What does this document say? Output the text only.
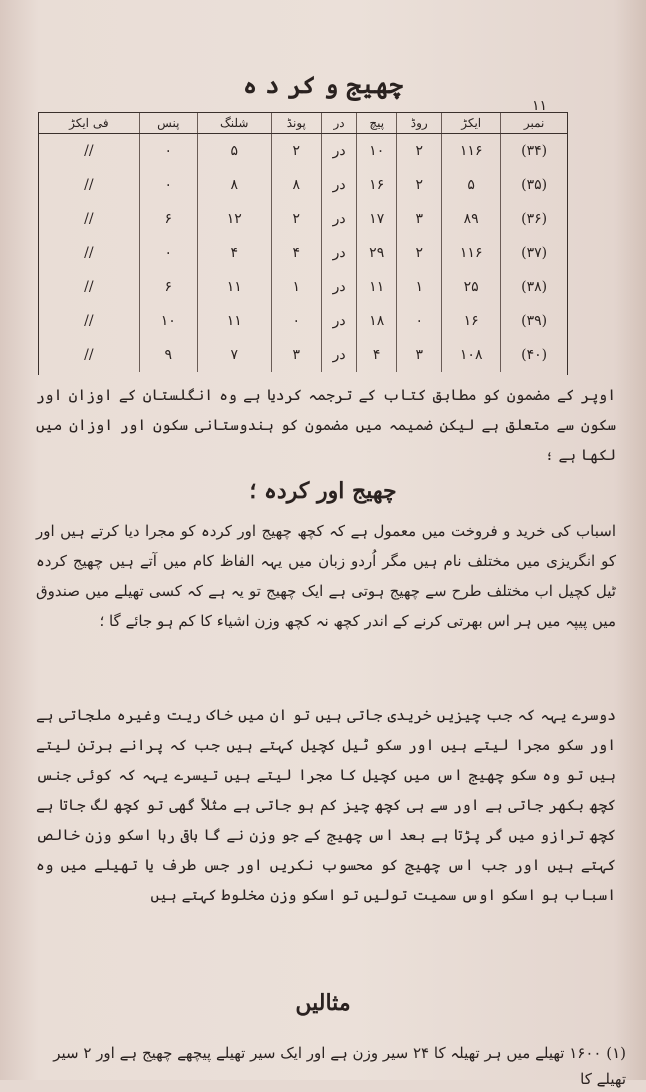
۱۱
چھیج و کر د ہ
نمبر	ایکڑ	روڈ	پیچ	در	پونڈ	شلنگ	پنس	فی ایکڑ
(۳۴)	۱۱۶	۲	۱۰	در	۲	۵	۰	//
(۳۵)	۵	۲	۱۶	در	۸	۸	۰	//
(۳۶)	۸۹	۳	۱۷	در	۲	۱۲	۶	//
(۳۷)	۱۱۶	۲	۲۹	در	۴	۴	۰	//
(۳۸)	۲۵	۱	۱۱	در	۱	۱۱	۶	//
(۳۹)	۱۶	۰	۱۸	در	۰	۱۱	۱۰	//
(۴۰)	۱۰۸	۳	۴	در	۳	۷	۹	//

اوپر کے مضمون کو مطابق کتاب کے ترجمہ کردیا ہے وہ انگلستان کے اوزان اور سکون سے متعلق ہے لیکن ضمیمہ میں مضمون کو ہندوستانی سکون اور اوزان میں لکھا ہے ؛

چھیج اور کردہ ؛

اسباب کی خرید و فروخت میں معمول ہے کہ کچھ چھیج اور کردہ کو مجرا دیا کرتے ہیں اور کو انگریزی میں مختلف نام ہیں مگر اُردو زبان میں یہہ الفاظ کام میں آتے ہیں چھیج کردہ ٹیل کچیل اب مختلف طرح سے چھیج ہوتی ہے ایک چھیج تو یہ ہے کہ کسی تھیلے میں صندوق میں پیپہ میں ہر اس بھرتی کرنے کے اندر کچھ نہ کچھ وزن اشیاء کا کم ہو جائے گا ؛

دوسرے یہہ کہ جب چیزیں خریدی جاتی ہیں تو ان میں خاک ریت وغیرہ ملجاتی ہے اور سکو مجرا لیتے ہیں اور سکو ٹیل کچیل کہتے ہیں جب کہ پرانے برتن لیتے ہیں تو وہ سکو چھیج اس میں کچیل کا مجرا لیتے ہیں تیسرے یہہ کہ کوئی جنس کچھ بکھر جاتی ہے اور سے ہی کچھ چیز کم ہو جاتی ہے مثلاً گھی تو کچھ لگ جاتا ہے کچھ ترازو میں گر پڑتا ہے بعد اس چھیج کے جو وزن نے گا باقی رہا اسکو وزن خالص کہتے ہیں اور جب اس چھیج کو محسوب نکریں اور جس طرف یا تھیلے میں وہ اسباب ہو اسکو اوس سمیت تولیں تو اسکو وزن مخلوط کہتے ہیں

مثالیں

(۱) ۱۶۰۰ تھیلے میں ہر تھیلہ کا ۲۴ سیر وزن ہے اور ایک سیر تھیلے پیچھے چھیج ہے اور ۲ سیر تھیلے کا
